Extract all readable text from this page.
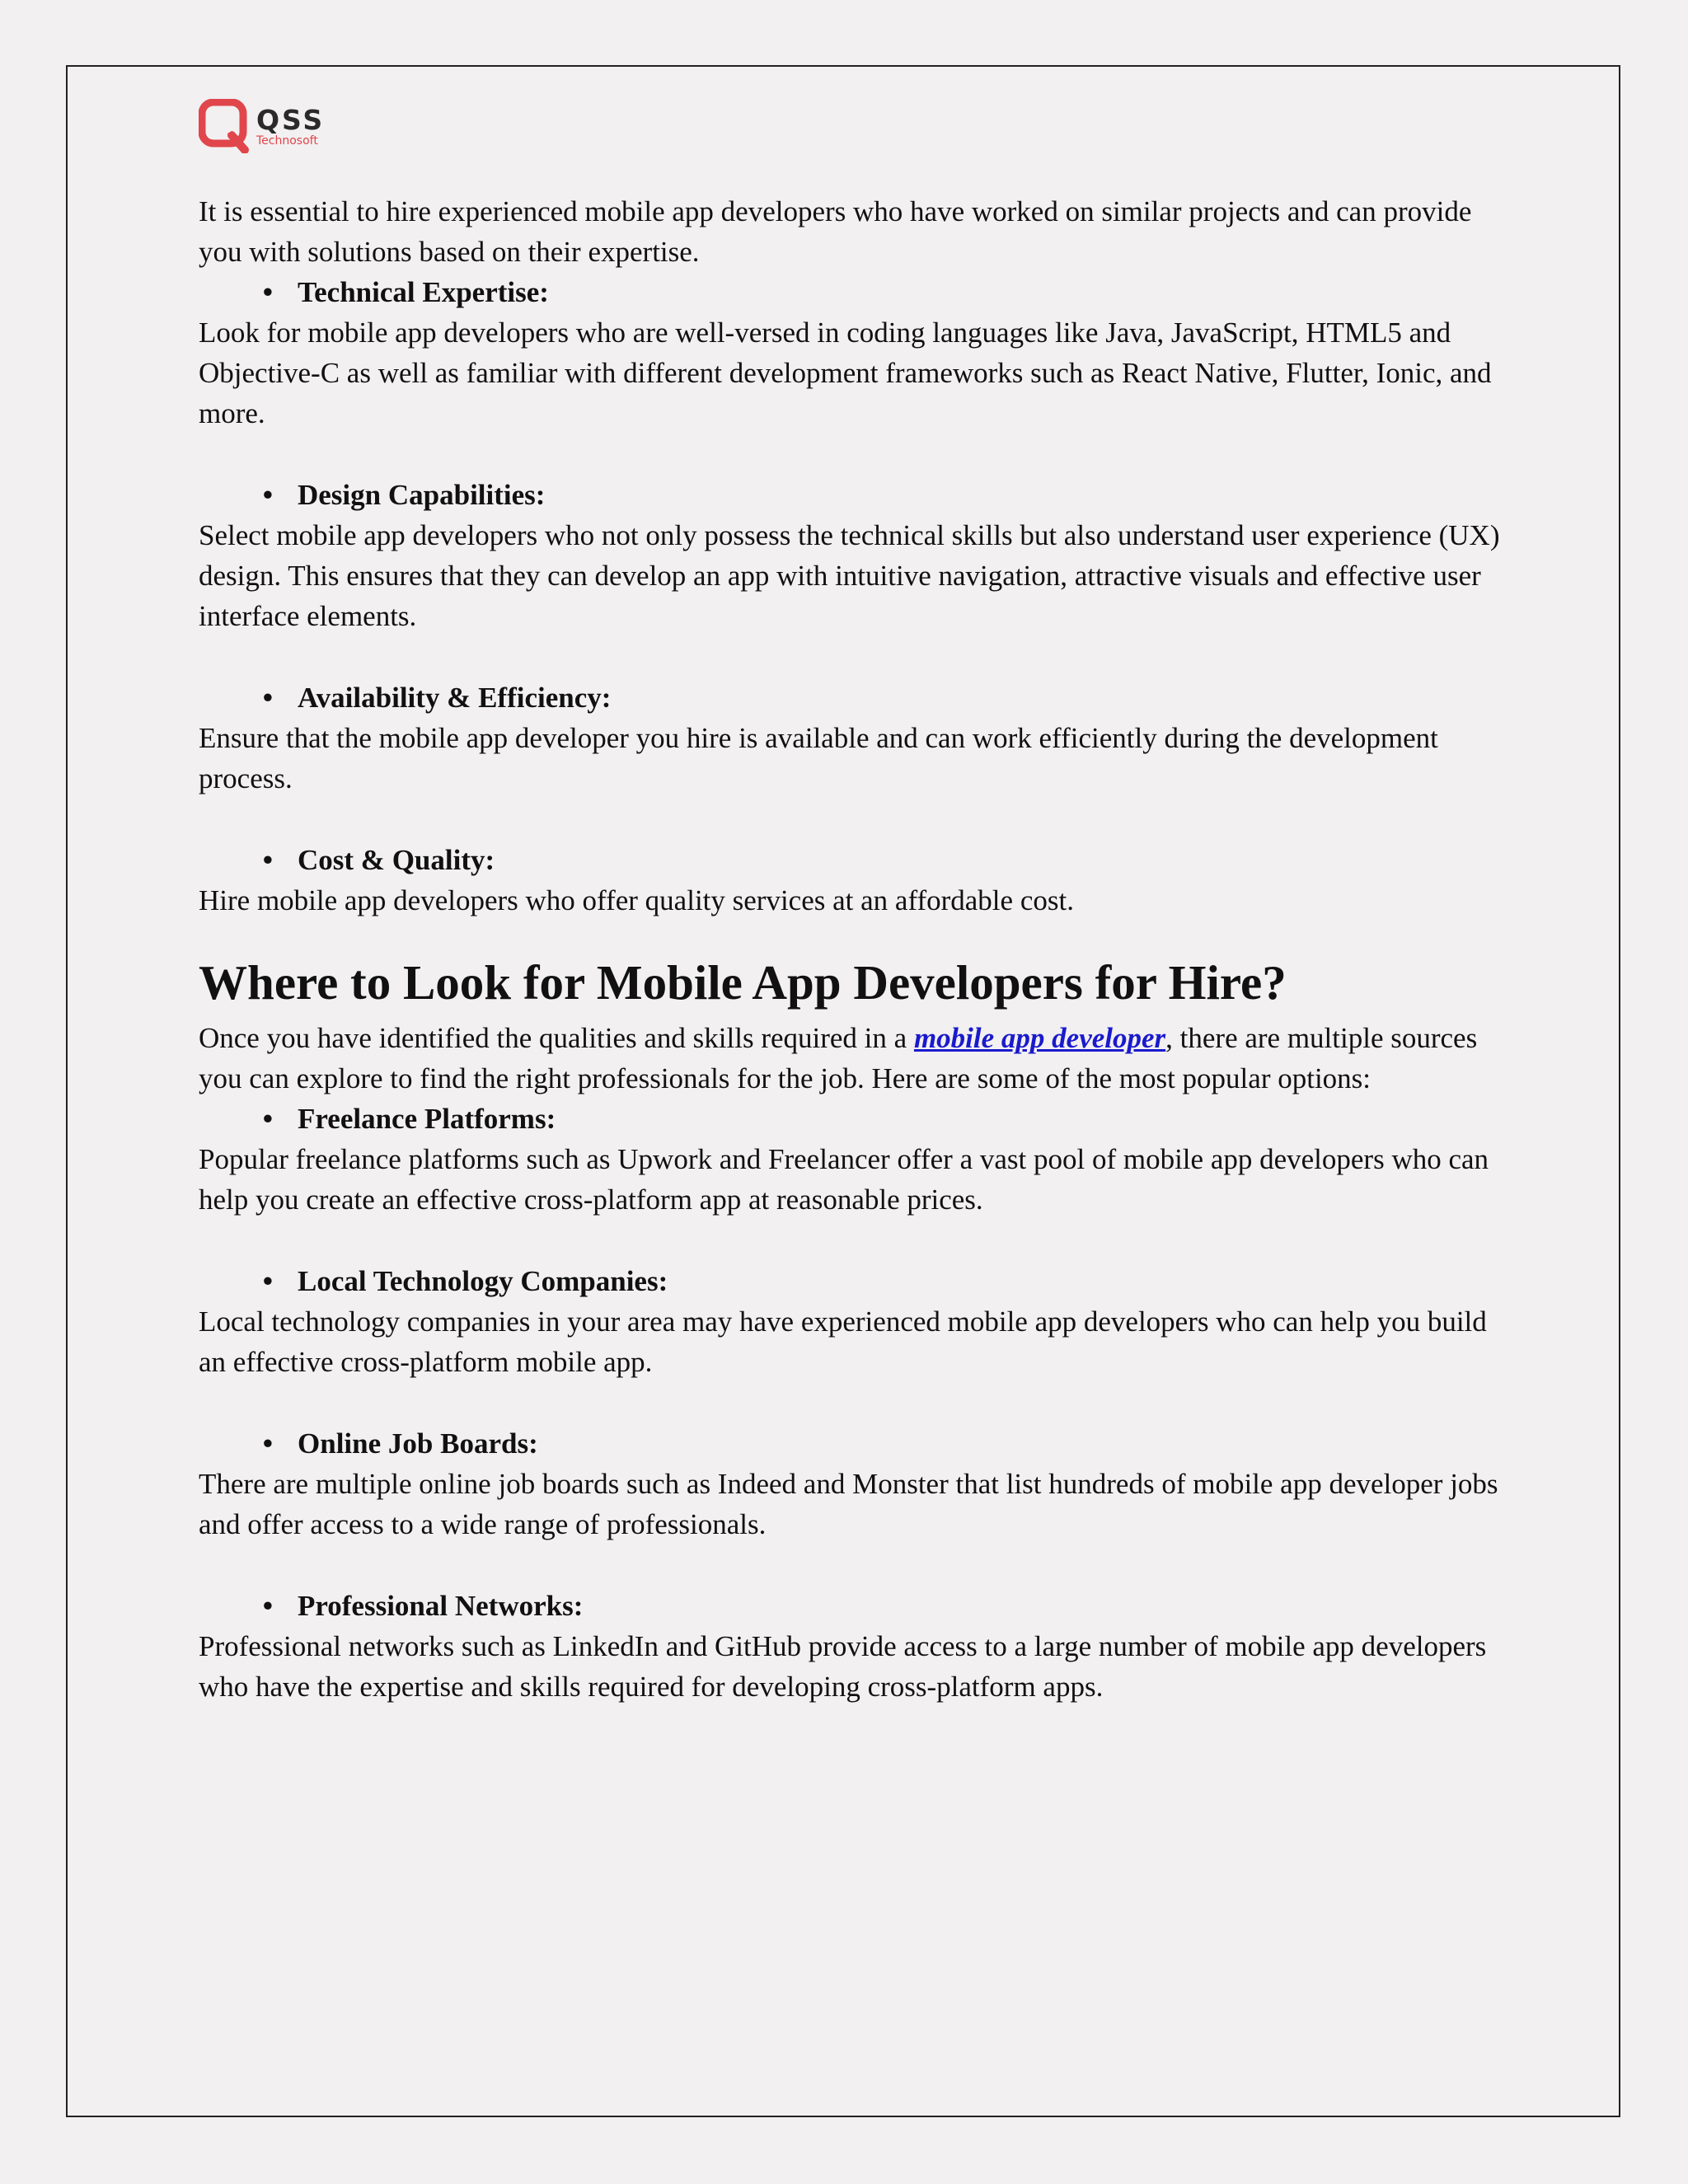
QSS
Technosoft

It is essential to hire experienced mobile app developers who have worked on similar projects and can provide you with solutions based on their expertise.

• Technical Expertise:

Look for mobile app developers who are well-versed in coding languages like Java, JavaScript, HTML5 and Objective-C as well as familiar with different development frameworks such as React Native, Flutter, Ionic, and more.

• Design Capabilities:

Select mobile app developers who not only possess the technical skills but also understand user experience (UX) design. This ensures that they can develop an app with intuitive navigation, attractive visuals and effective user interface elements.

• Availability & Efficiency:

Ensure that the mobile app developer you hire is available and can work efficiently during the development process.

• Cost & Quality:

Hire mobile app developers who offer quality services at an affordable cost.

Where to Look for Mobile App Developers for Hire?

Once you have identified the qualities and skills required in a mobile app developer, there are multiple sources you can explore to find the right professionals for the job. Here are some of the most popular options:

• Freelance Platforms:

Popular freelance platforms such as Upwork and Freelancer offer a vast pool of mobile app developers who can help you create an effective cross-platform app at reasonable prices.

• Local Technology Companies:

Local technology companies in your area may have experienced mobile app developers who can help you build an effective cross-platform mobile app.

• Online Job Boards:

There are multiple online job boards such as Indeed and Monster that list hundreds of mobile app developer jobs and offer access to a wide range of professionals.

• Professional Networks:

Professional networks such as LinkedIn and GitHub provide access to a large number of mobile app developers who have the expertise and skills required for developing cross-platform apps.
